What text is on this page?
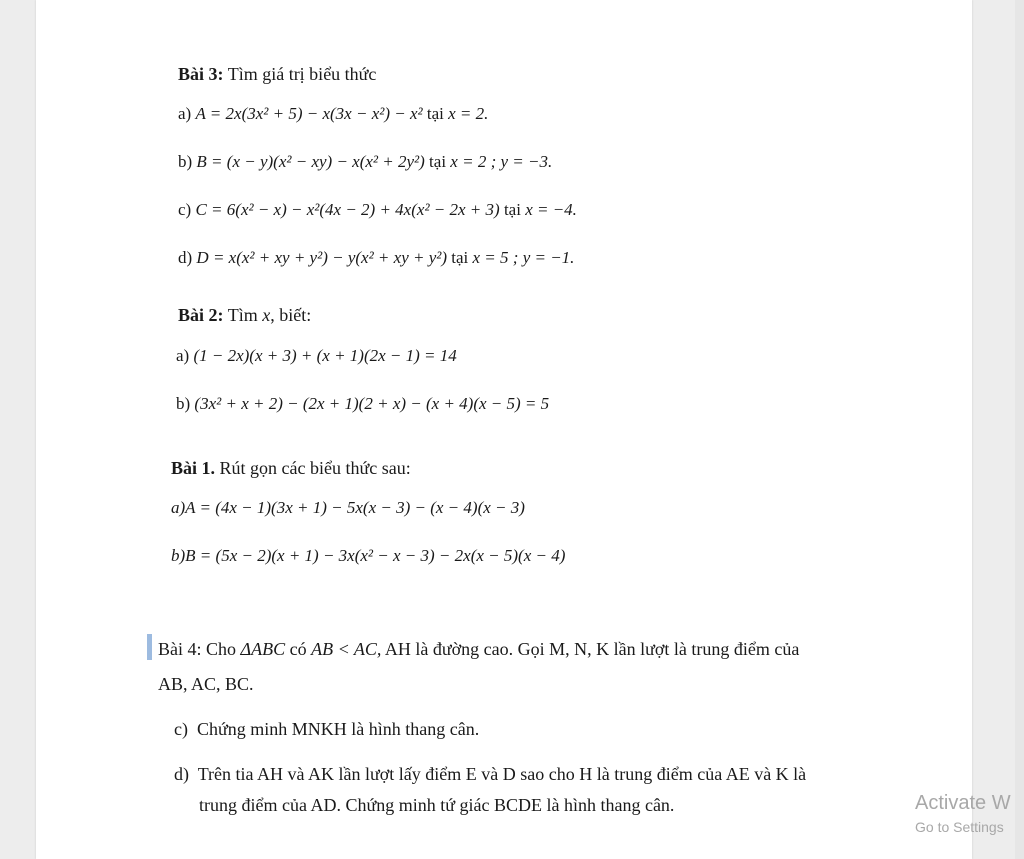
Bài 3: Tìm giá trị biểu thức
a) A = 2x(3x² + 5) − x(3x − x²) − x² tại x = 2.
b) B = (x − y)(x² − xy) − x(x² + 2y²) tại x = 2 ; y = −3.
c) C = 6(x² − x) − x²(4x − 2) + 4x(x² − 2x + 3) tại x = −4.
d) D = x(x² + xy + y²) − y(x² + xy + y²) tại x = 5 ; y = −1.
Bài 2: Tìm x, biết:
a) (1 − 2x)(x + 3) + (x + 1)(2x − 1) = 14
b) (3x² + x + 2) − (2x + 1)(2 + x) − (x + 4)(x − 5) = 5
Bài 1. Rút gọn các biểu thức sau:
a)A = (4x − 1)(3x + 1) − 5x(x − 3) − (x − 4)(x − 3)
b)B = (5x − 2)(x + 1) − 3x(x² − x − 3) − 2x(x − 5)(x − 4)
Bài 4: Cho ΔABC có AB < AC, AH là đường cao. Gọi M, N, K lần lượt là trung điểm của
AB, AC, BC.
c) Chứng minh MNKH là hình thang cân.
d) Trên tia AH và AK lần lượt lấy điểm E và D sao cho H là trung điểm của AE và K là
trung điểm của AD. Chứng minh tứ giác BCDE là hình thang cân.	Activate W
Go to Settings
